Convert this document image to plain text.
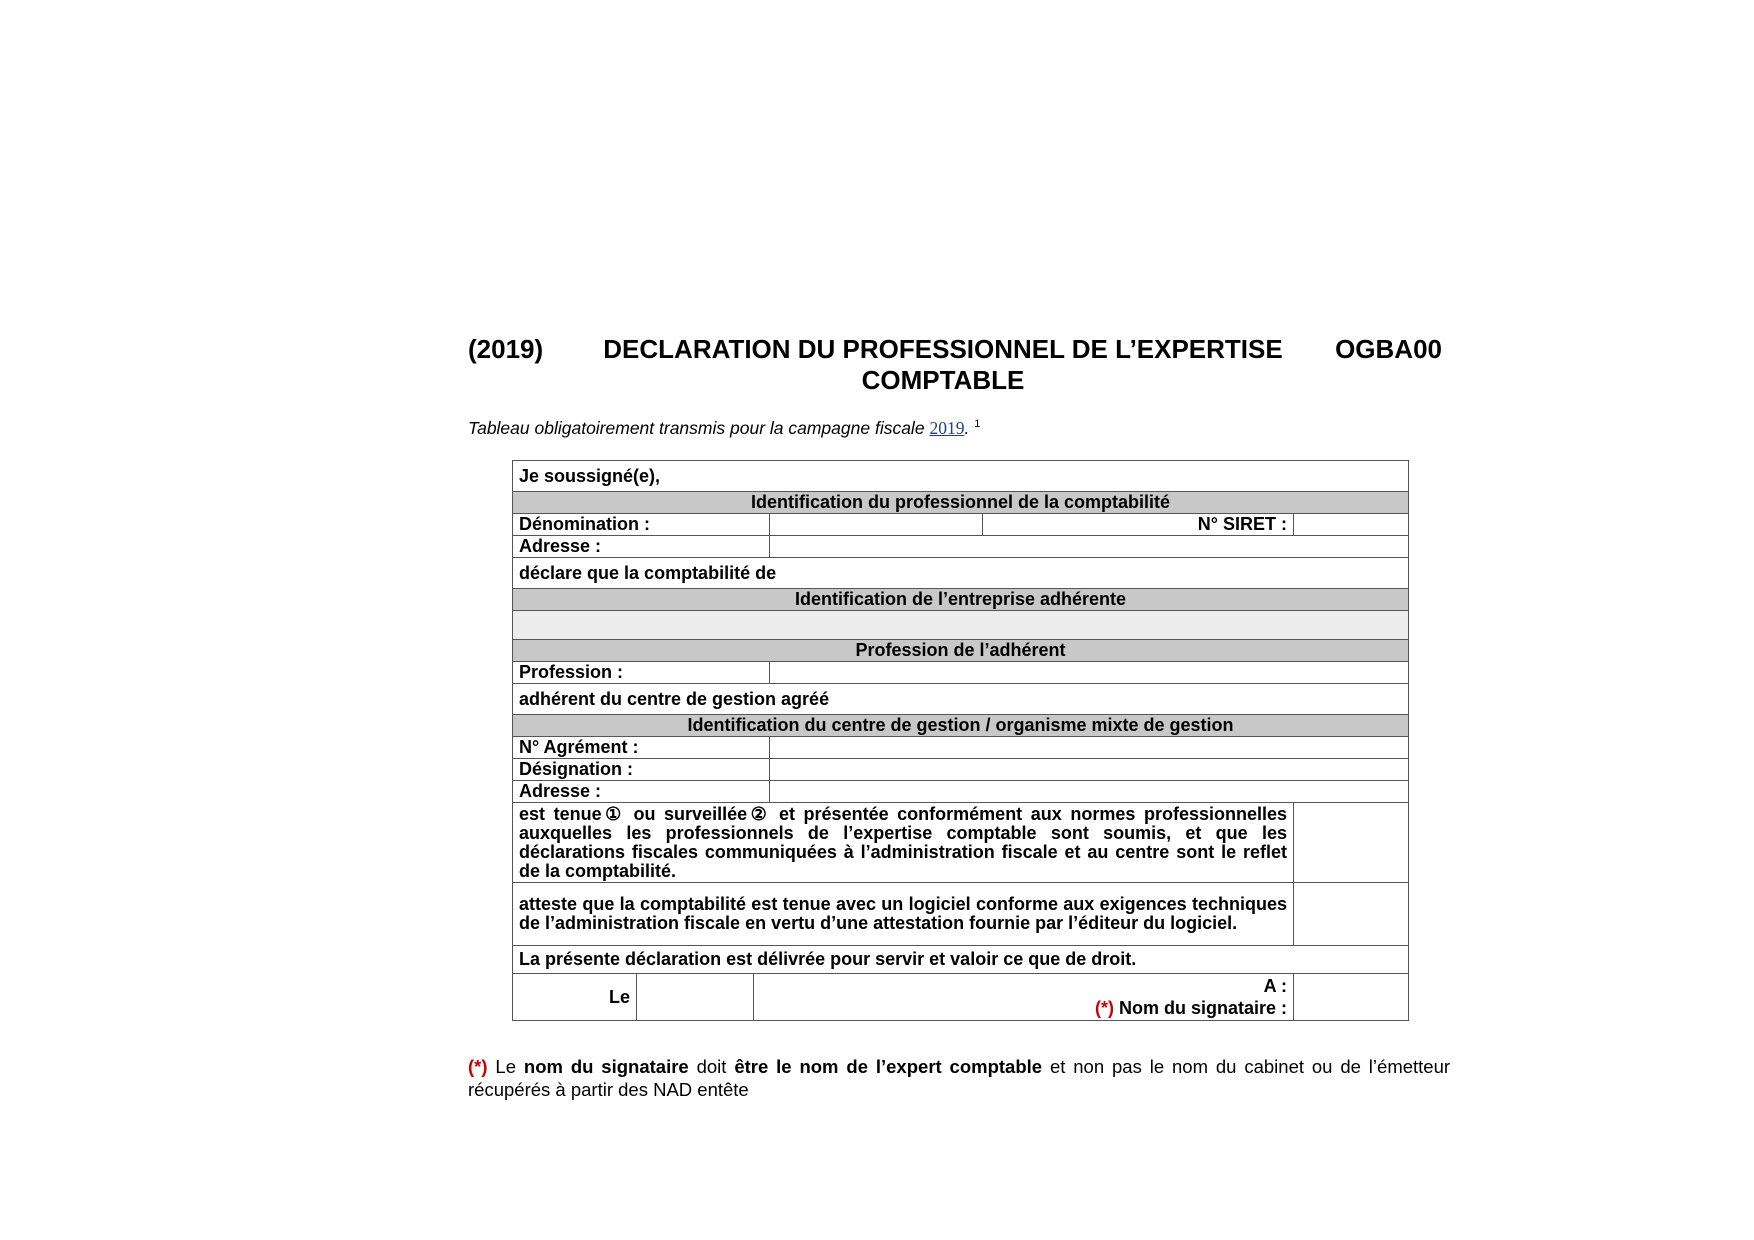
(2019) DECLARATION DU PROFESSIONNEL DE L’EXPERTISE
COMPTABLE
OGBA00
Tableau obligatoirement transmis pour la campagne fiscale 2019. $^1$
Je soussigné(e),					
Identification du professionnel de la comptabilité					
Dénomination :				N° SIRET :	
Adresse :					
déclare que la comptabilité de					
Identification de l’entreprise adhérente					

Profession de l’adhérent					
Profession :					
adhérent du centre de gestion agréé					
Identification du centre de gestion / organisme mixte de gestion					
N° Agrément :					
Désignation :					
Adresse :					
est tenue① ou surveillée② et présentée conformément aux normes professionnelles auxquelles les professionnels de l’expertise comptable sont soumis, et que les déclarations fiscales communiquées à l’administration fiscale et au centre sont le reflet de la comptabilité.					
atteste que la comptabilité est tenue avec un logiciel conforme aux exigences techniques de l’administration fiscale en vertu d’une attestation fournie par l’éditeur du logiciel.					
La présente déclaration est délivrée pour servir et valoir ce que de droit.					
Le		A :
(*) Nom du signataire :			

(*) Le nom du signataire doit être le nom de l’expert comptable et non pas le nom du cabinet ou de l’émetteur récupérés à partir des NAD entête
